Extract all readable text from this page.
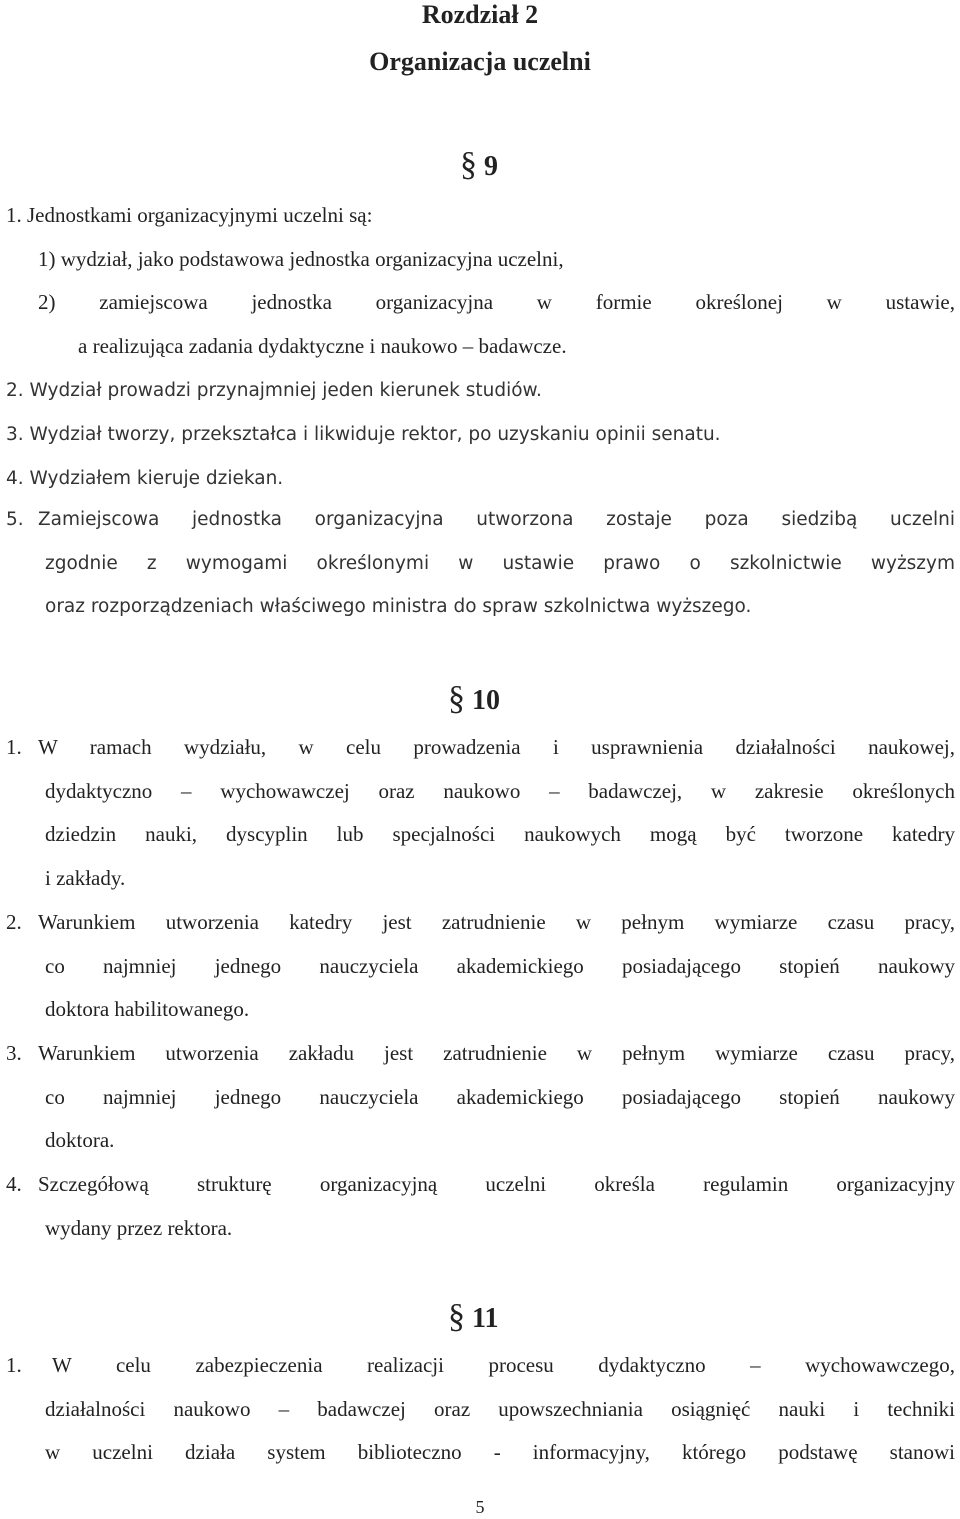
Rozdział 2
Organizacja uczelni
§ 9
1. Jednostkami organizacyjnymi uczelni są:
1) wydział, jako podstawowa jednostka organizacyjna uczelni,
2) zamiejscowa jednostka organizacyjna w formie określonej w ustawie,
a realizująca zadania dydaktyczne i naukowo – badawcze.
2. Wydział prowadzi przynajmniej jeden kierunek studiów.
3. Wydział tworzy, przekształca i likwiduje rektor, po uzyskaniu opinii senatu.
4. Wydziałem kieruje dziekan.
5. Zamiejscowa jednostka organizacyjna utworzona zostaje poza siedzibą uczelni
zgodnie z wymogami określonymi w ustawie prawo o szkolnictwie wyższym
oraz rozporządzeniach właściwego ministra do spraw szkolnictwa wyższego.
§ 10
1. W ramach wydziału, w celu prowadzenia i usprawnienia działalności naukowej,
dydaktyczno – wychowawczej oraz naukowo – badawczej, w zakresie określonych
dziedzin nauki, dyscyplin lub specjalności naukowych mogą być tworzone katedry
i zakłady.
2. Warunkiem utworzenia katedry jest zatrudnienie w pełnym wymiarze czasu pracy,
co najmniej jednego nauczyciela akademickiego posiadającego stopień naukowy
doktora habilitowanego.
3. Warunkiem utworzenia zakładu jest zatrudnienie w pełnym wymiarze czasu pracy,
co najmniej jednego nauczyciela akademickiego posiadającego stopień naukowy
doktora.
4. Szczegółową strukturę organizacyjną uczelni określa regulamin organizacyjny
wydany przez rektora.
§ 11
1. W celu zabezpieczenia realizacji procesu dydaktyczno – wychowawczego,
działalności naukowo – badawczej oraz upowszechniania osiągnięć nauki i techniki
w uczelni działa system biblioteczno - informacyjny, którego podstawę stanowi
5
